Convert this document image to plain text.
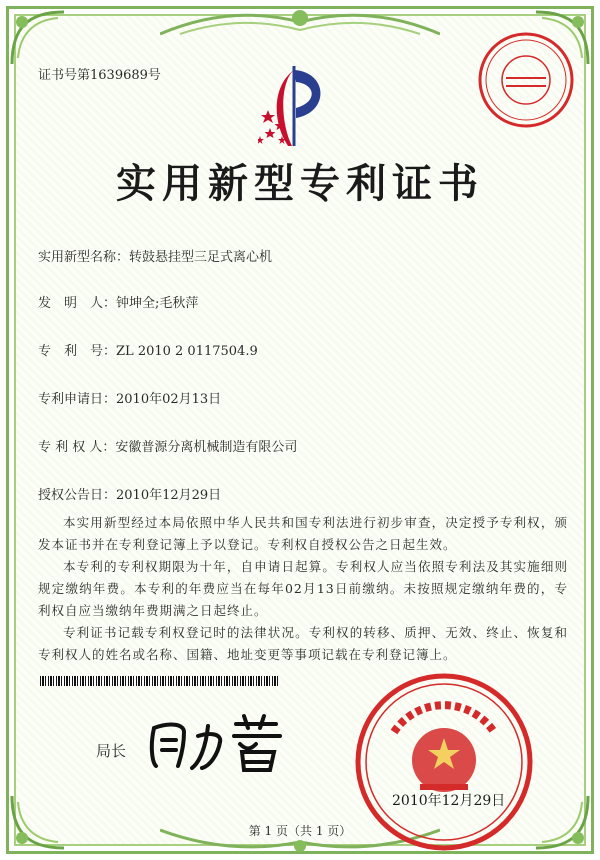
证书号第1639689号
实用新型专利证书
实用新型名称：转鼓悬挂型三足式离心机
发　明　人：钟坤全;毛秋萍
专　利　号：ZL 2010 2 0117504.9
专利申请日：2010年02月13日
专 利 权 人：安徽普源分离机械制造有限公司
授权公告日：2010年12月29日

本实用新型经过本局依照中华人民共和国专利法进行初步审查，决定授予专利权，颁发本证书并在专利登记簿上予以登记。专利权自授权公告之日起生效。

本专利的专利权期限为十年，自申请日起算。专利权人应当依照专利法及其实施细则规定缴纳年费。本专利的年费应当在每年02月13日前缴纳。未按照规定缴纳年费的，专利权自应当缴纳年费期满之日起终止。

专利证书记载专利权登记时的法律状况。专利权的转移、质押、无效、终止、恢复和专利权人的姓名或名称、国籍、地址变更等事项记载在专利登记簿上。

局长
2010年12月29日
第 1 页（共 1 页）
